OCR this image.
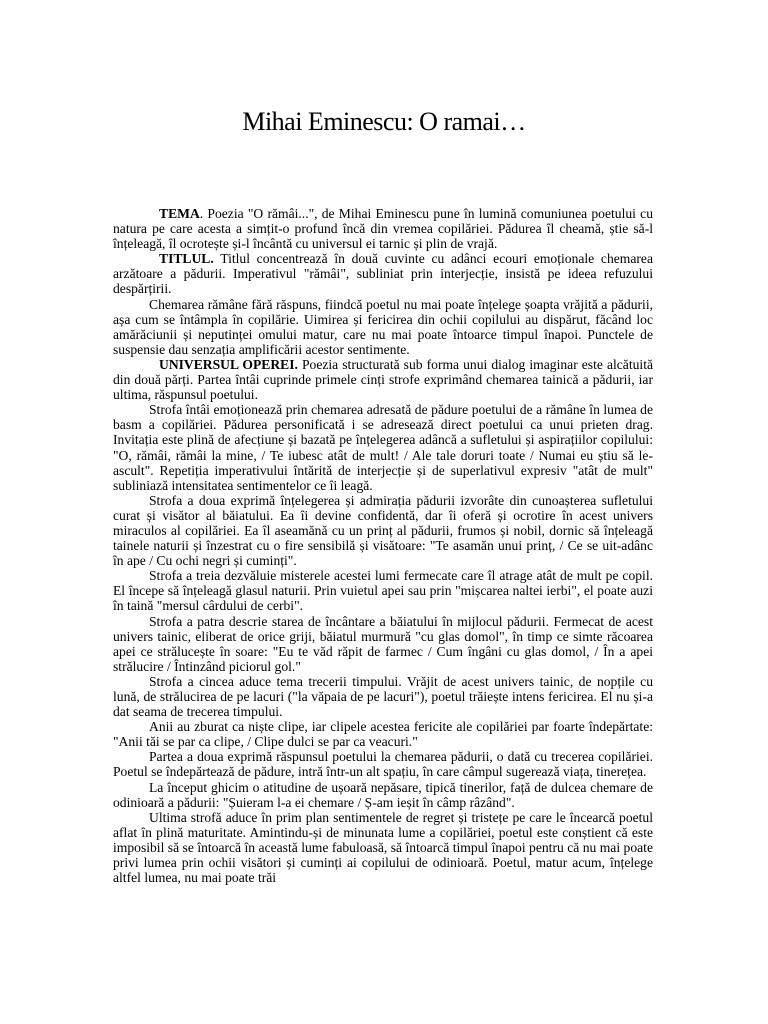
Mihai Eminescu: O ramai…

TEMA. Poezia "O rămâi...", de Mihai Eminescu pune în lumină comuniunea poetului cu natura pe care acesta a simțit-o profund încă din vremea copilăriei. Pădurea îl cheamă, știe să-l înțeleagă, îl ocrotește și-l încântă cu universul ei tarnic și plin de vrajă.

TITLUL. Titlul concentrează în două cuvinte cu adânci ecouri emoționale chemarea arzătoare a pădurii. Imperativul "rămâi", subliniat prin interjecție, insistă pe ideea refuzului despărțirii.

Chemarea rămâne fără răspuns, fiindcă poetul nu mai poate înțelege șoapta vrăjită a pădurii, așa cum se întâmpla în copilărie. Uimirea și fericirea din ochii copilului au dispărut, făcând loc amărăciunii și neputinței omului matur, care nu mai poate întoarce timpul înapoi. Punctele de suspensie dau senzația amplificării acestor sentimente.

UNIVERSUL OPEREI. Poezia structurată sub forma unui dialog imaginar este alcătuită din două părți. Partea întâi cuprinde primele cinți strofe exprimând chemarea tainică a pădurii, iar ultima, răspunsul poetului.

Strofa întâi emoționează prin chemarea adresată de pădure poetului de a rămâne în lumea de basm a copilăriei. Pădurea personificată i se adresează direct poetului ca unui prieten drag. Invitația este plină de afecțiune și bazată pe înțelegerea adâncă a sufletului și aspirațiilor copilului: "O, rămâi, rămâi la mine, / Te iubesc atât de mult! / Ale tale doruri toate / Numai eu știu să le-ascult". Repetiția imperativului întărită de interjecție și de superlativul expresiv "atât de mult" subliniază intensitatea sentimentelor ce îi leagă.

Strofa a doua exprimă înțelegerea și admirația pădurii izvorâte din cunoașterea sufletului curat și visător al băiatului. Ea îi devine confidentă, dar îi oferă și ocrotire în acest univers miraculos al copilăriei. Ea îl aseamănă cu un prinț al pădurii, frumos și nobil, dornic să înțeleagă tainele naturii și înzestrat cu o fire sensibilă și visătoare: "Te asamăn unui prinț, / Ce se uit-adânc în ape / Cu ochi negri și cuminți".

Strofa a treia dezvăluie misterele acestei lumi fermecate care îl atrage atât de mult pe copil. El începe să înțeleagă glasul naturii. Prin vuietul apei sau prin "mișcarea naltei ierbi", el poate auzi în taină "mersul cârdului de cerbi".

Strofa a patra descrie starea de încântare a băiatului în mijlocul pădurii. Fermecat de acest univers tainic, eliberat de orice griji, băiatul murmură "cu glas domol", în timp ce simte răcoarea apei ce strălucește în soare: "Eu te văd răpit de farmec / Cum îngâni cu glas domol, / În a apei strălucire / Întinzând piciorul gol."

Strofa a cincea aduce tema trecerii timpului. Vrăjit de acest univers tainic, de nopțile cu lună, de strălucirea de pe lacuri ("la văpaia de pe lacuri"), poetul trăiește intens fericirea. El nu și-a dat seama de trecerea timpului.

Anii au zburat ca niște clipe, iar clipele acestea fericite ale copilăriei par foarte îndepărtate: "Anii tăi se par ca clipe, / Clipe dulci se par ca veacuri."

Partea a doua exprimă răspunsul poetului la chemarea pădurii, o dată cu trecerea copilăriei. Poetul se îndepărtează de pădure, intră într-un alt spațiu, în care câmpul sugerează viața, tinerețea.

La început ghicim o atitudine de ușoară nepăsare, tipică tinerilor, față de dulcea chemare de odinioară a pădurii: "Șuieram l-a ei chemare / Ș-am ieșit în câmp râzând".

Ultima strofă aduce în prim plan sentimentele de regret și tristețe pe care le încearcă poetul aflat în plină maturitate. Amintindu-și de minunata lume a copilăriei, poetul este conștient că este imposibil să se întoarcă în această lume fabuloasă, să întoarcă timpul înapoi pentru că nu mai poate privi lumea prin ochii visători și cuminți ai copilului de odinioară. Poetul, matur acum, înțelege altfel lumea, nu mai poate trăi
